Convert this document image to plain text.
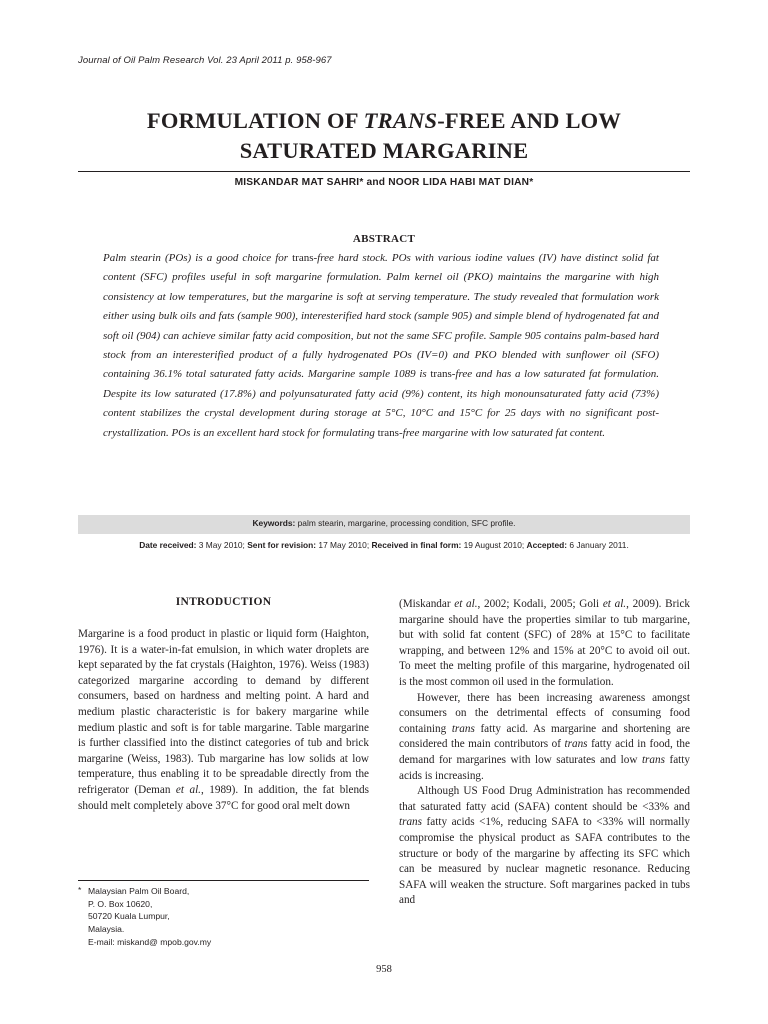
Journal of Oil Palm Research Vol. 23 April 2011 p. 958-967
FORMULATION OF TRANS-FREE AND LOW
SATURATED MARGARINE
MISKANDAR MAT SAHRI* and NOOR LIDA HABI MAT DIAN*
ABSTRACT
Palm stearin (POs) is a good choice for trans-free hard stock. POs with various iodine values (IV) have distinct solid fat content (SFC) profiles useful in soft margarine formulation. Palm kernel oil (PKO) maintains the margarine with high consistency at low temperatures, but the margarine is soft at serving temperature. The study revealed that formulation work either using bulk oils and fats (sample 900), interesterified hard stock (sample 905) and simple blend of hydrogenated fat and soft oil (904) can achieve similar fatty acid composition, but not the same SFC profile. Sample 905 contains palm-based hard stock from an interesterified product of a fully hydrogenated POs (IV=0) and PKO blended with sunflower oil (SFO) containing 36.1% total saturated fatty acids. Margarine sample 1089 is trans-free and has a low saturated fat formulation. Despite its low saturated (17.8%) and polyunsaturated fatty acid (9%) content, its high monounsaturated fatty acid (73%) content stabilizes the crystal development during storage at 5°C, 10°C and 15°C for 25 days with no significant post-crystallization. POs is an excellent hard stock for formulating trans-free margarine with low saturated fat content.
Keywords: palm stearin, margarine, processing condition, SFC profile.
Date received: 3 May 2010; Sent for revision: 17 May 2010; Received in final form: 19 August 2010; Accepted: 6 January 2011.
INTRODUCTION

Margarine is a food product in plastic or liquid form (Haighton, 1976). It is a water-in-fat emulsion, in which water droplets are kept separated by the fat crystals (Haighton, 1976). Weiss (1983) categorized margarine according to demand by different consumers, based on hardness and melting point. A hard and medium plastic characteristic is for bakery margarine while medium plastic and soft is for table margarine. Table margarine is further classified into the distinct categories of tub and brick margarine (Weiss, 1983). Tub margarine has low solids at low temperature, thus enabling it to be spreadable directly from the refrigerator (Deman et al., 1989). In addition, the fat blends should melt completely above 37°C for good oral melt down

(Miskandar et al., 2002; Kodali, 2005; Goli et al., 2009). Brick margarine should have the properties similar to tub margarine, but with solid fat content (SFC) of 28% at 15°C to facilitate wrapping, and between 12% and 15% at 20°C to avoid oil out. To meet the melting profile of this margarine, hydrogenated oil is the most common oil used in the formulation.

However, there has been increasing awareness amongst consumers on the detrimental effects of consuming food containing trans fatty acid. As margarine and shortening are considered the main contributors of trans fatty acid in food, the demand for margarines with low saturates and low trans fatty acids is increasing.

Although US Food Drug Administration has recommended that saturated fatty acid (SAFA) content should be <33% and trans fatty acids <1%, reducing SAFA to <33% will normally compromise the physical product as SAFA contributes to the structure or body of the margarine by affecting its SFC which can be measured by nuclear magnetic resonance. Reducing SAFA will weaken the structure. Soft margarines packed in tubs and

* Malaysian Palm Oil Board,
P. O. Box 10620,
50720 Kuala Lumpur,
Malaysia.
E-mail: miskand@ mpob.gov.my
958
